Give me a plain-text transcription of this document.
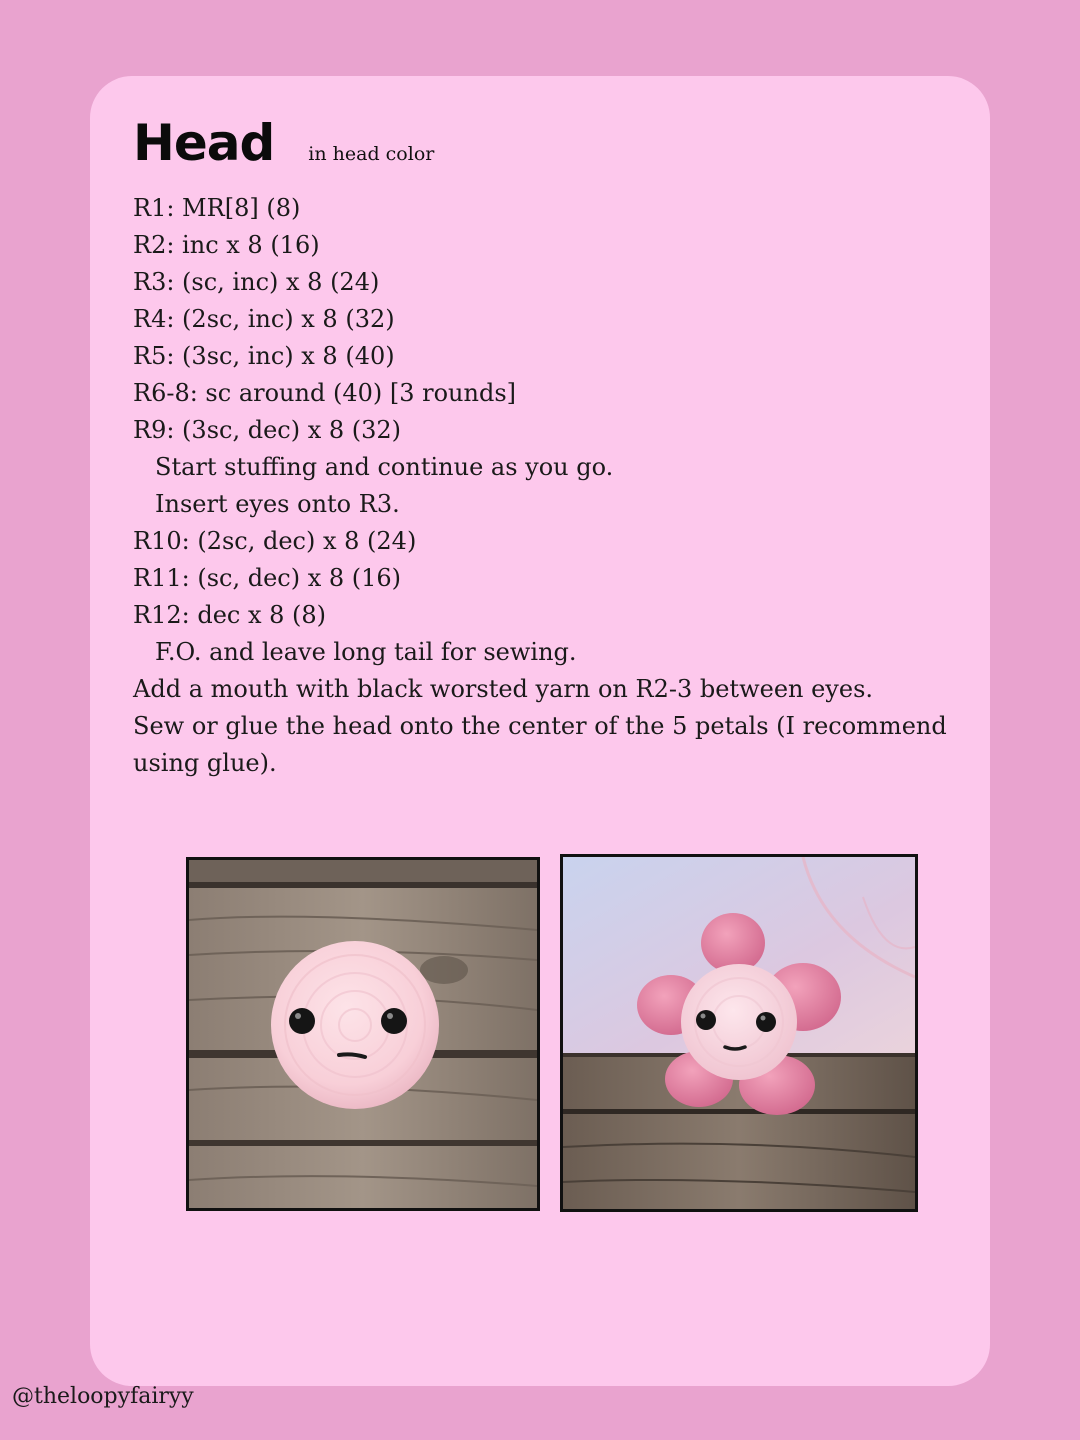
Head in head color
R1: MR[8] (8)
R2: inc x 8 (16)
R3: (sc, inc) x 8 (24)
R4: (2sc, inc) x 8 (32)
R5: (3sc, inc) x 8 (40)
R6-8: sc around (40) [3 rounds]
R9: (3sc, dec) x 8 (32)
Start stuffing and continue as you go.
Insert eyes onto R3.
R10: (2sc, dec) x 8 (24)
R11: (sc, dec) x 8 (16)
R12: dec x 8 (8)
F.O. and leave long tail for sewing.
Add a mouth with black worsted yarn on R2-3 between eyes.
Sew or glue the head onto the center of the 5 petals (I recommend using glue).
@theloopyfairyy
